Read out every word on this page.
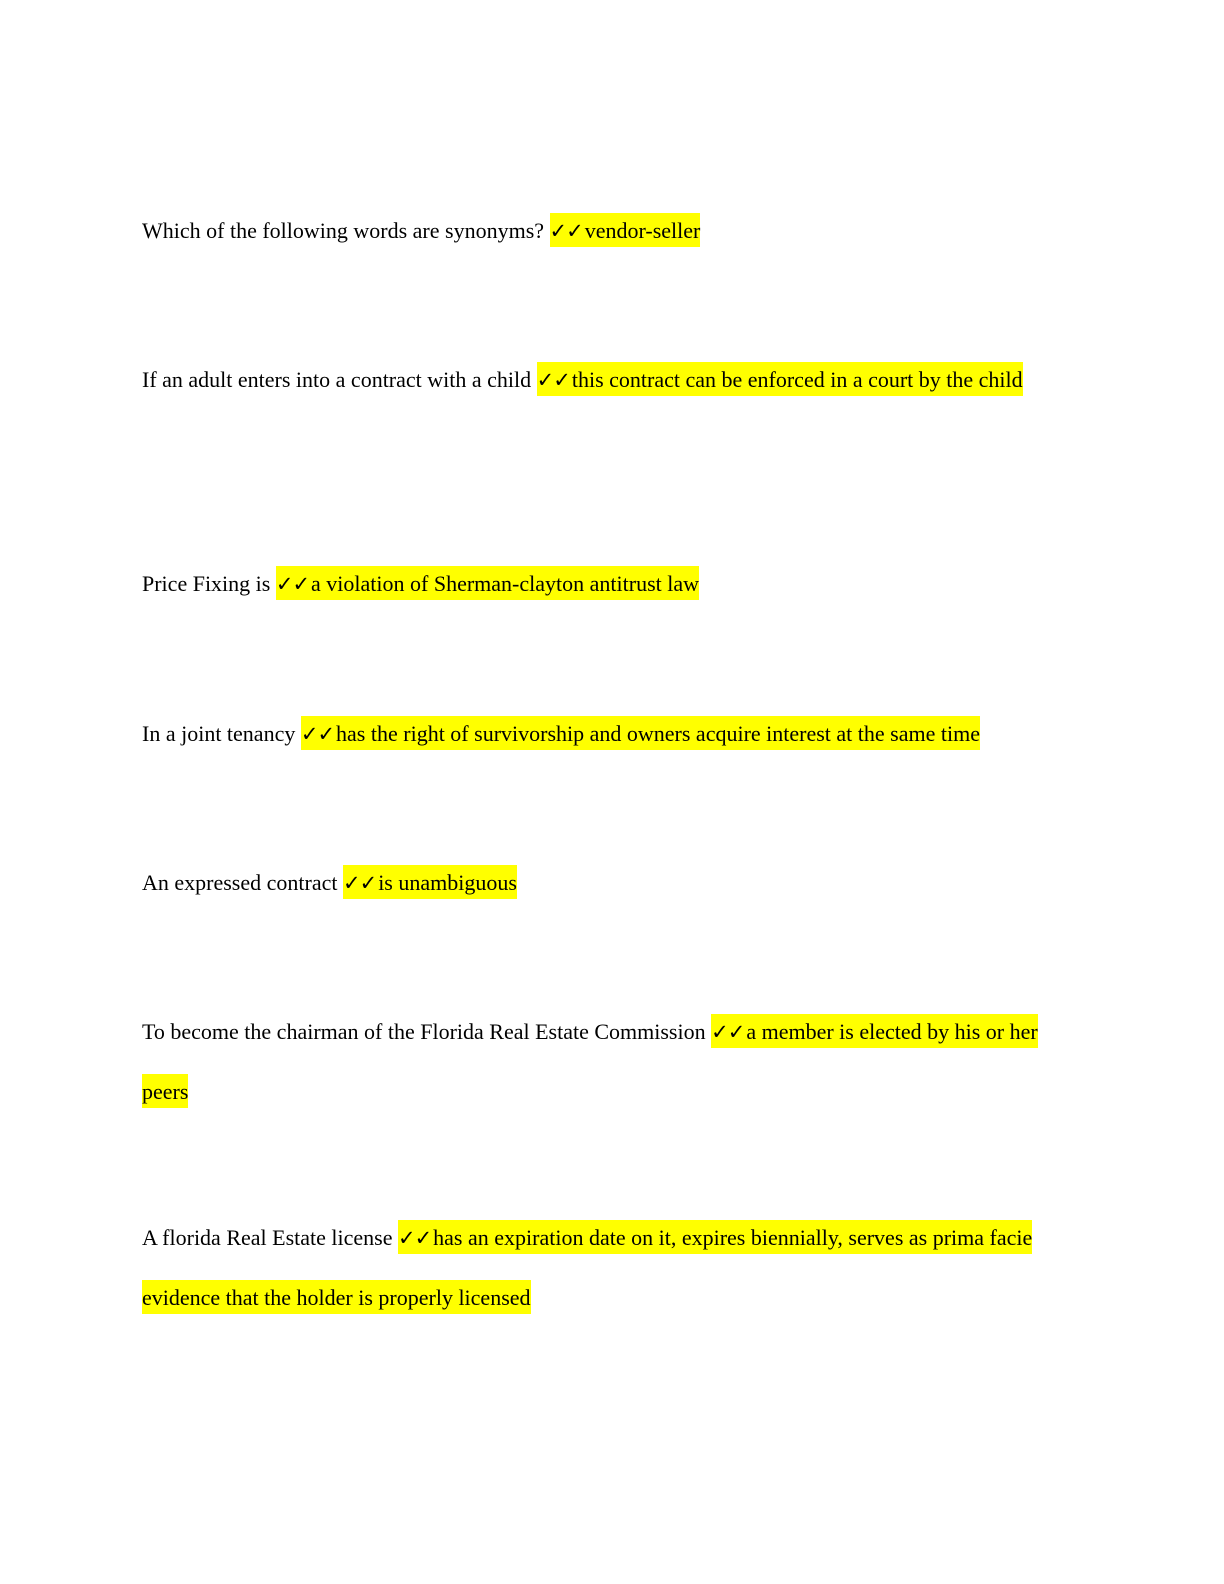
Which of the following words are synonyms? ✓✓vendor-seller

If an adult enters into a contract with a child ✓✓this contract can be enforced in a court by the child

Price Fixing is ✓✓a violation of Sherman-clayton antitrust law

In a joint tenancy ✓✓has the right of survivorship and owners acquire interest at the same time

An expressed contract ✓✓is unambiguous

To become the chairman of the Florida Real Estate Commission ✓✓a member is elected by his or her peers

A florida Real Estate license ✓✓has an expiration date on it, expires biennially, serves as prima facie evidence that the holder is properly licensed
